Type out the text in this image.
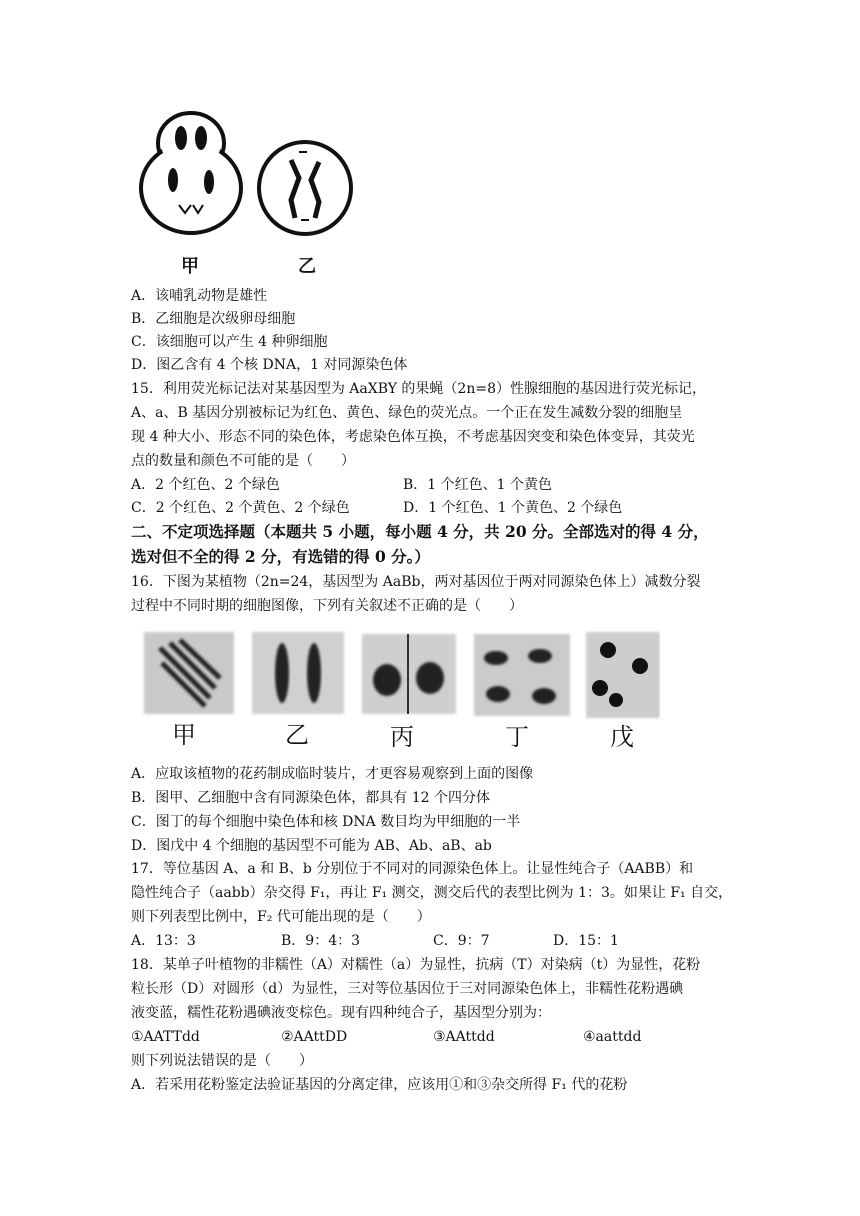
甲	乙
A．该哺乳动物是雄性
B．乙细胞是次级卵母细胞
C．该细胞可以产生 4 种卵细胞
D．图乙含有 4 个核 DNA，1 对同源染色体
15．利用荧光标记法对某基因型为 AaXBY 的果蝇（2n=8）性腺细胞的基因进行荧光标记，
A、a、B 基因分别被标记为红色、黄色、绿色的荧光点。一个正在发生减数分裂的细胞呈
现 4 种大小、形态不同的染色体，考虑染色体互换，不考虑基因突变和染色体变异，其荧光
点的数量和颜色不可能的是（　　）
A．2 个红色、2 个绿色	B．1 个红色、1 个黄色
C．2 个红色、2 个黄色、2 个绿色	D．1 个红色、1 个黄色、2 个绿色
二、不定项选择题（本题共 5 小题，每小题 4 分，共 20 分。全部选对的得 4 分，
选对但不全的得 2 分，有选错的得 0 分。）
16．下图为某植物（2n=24，基因型为 AaBb，两对基因位于两对同源染色体上）减数分裂
过程中不同时期的细胞图像，下列有关叙述不正确的是（　　）
甲	乙	丙	丁	戊
A．应取该植物的花药制成临时装片，才更容易观察到上面的图像
B．图甲、乙细胞中含有同源染色体，都具有 12 个四分体
C．图丁的每个细胞中染色体和核 DNA 数目均为甲细胞的一半
D．图戊中 4 个细胞的基因型不可能为 AB、Ab、aB、ab
17．等位基因 A、a 和 B、b 分别位于不同对的同源染色体上。让显性纯合子（AABB）和
隐性纯合子（aabb）杂交得 F₁，再让 F₁ 测交，测交后代的表型比例为 1：3。如果让 F₁ 自交，
则下列表型比例中，F₂ 代可能出现的是（　　）
A．13：3	B．9：4：3	C．9：7	D．15：1
18．某单子叶植物的非糯性（A）对糯性（a）为显性，抗病（T）对染病（t）为显性，花粉
粒长形（D）对圆形（d）为显性，三对等位基因位于三对同源染色体上，非糯性花粉遇碘
液变蓝，糯性花粉遇碘液变棕色。现有四种纯合子，基因型分别为：
①AATTdd	②AAttDD	③AAttdd	④aattdd
则下列说法错误的是（　　）
A．若采用花粉鉴定法验证基因的分离定律，应该用①和③杂交所得 F₁ 代的花粉
